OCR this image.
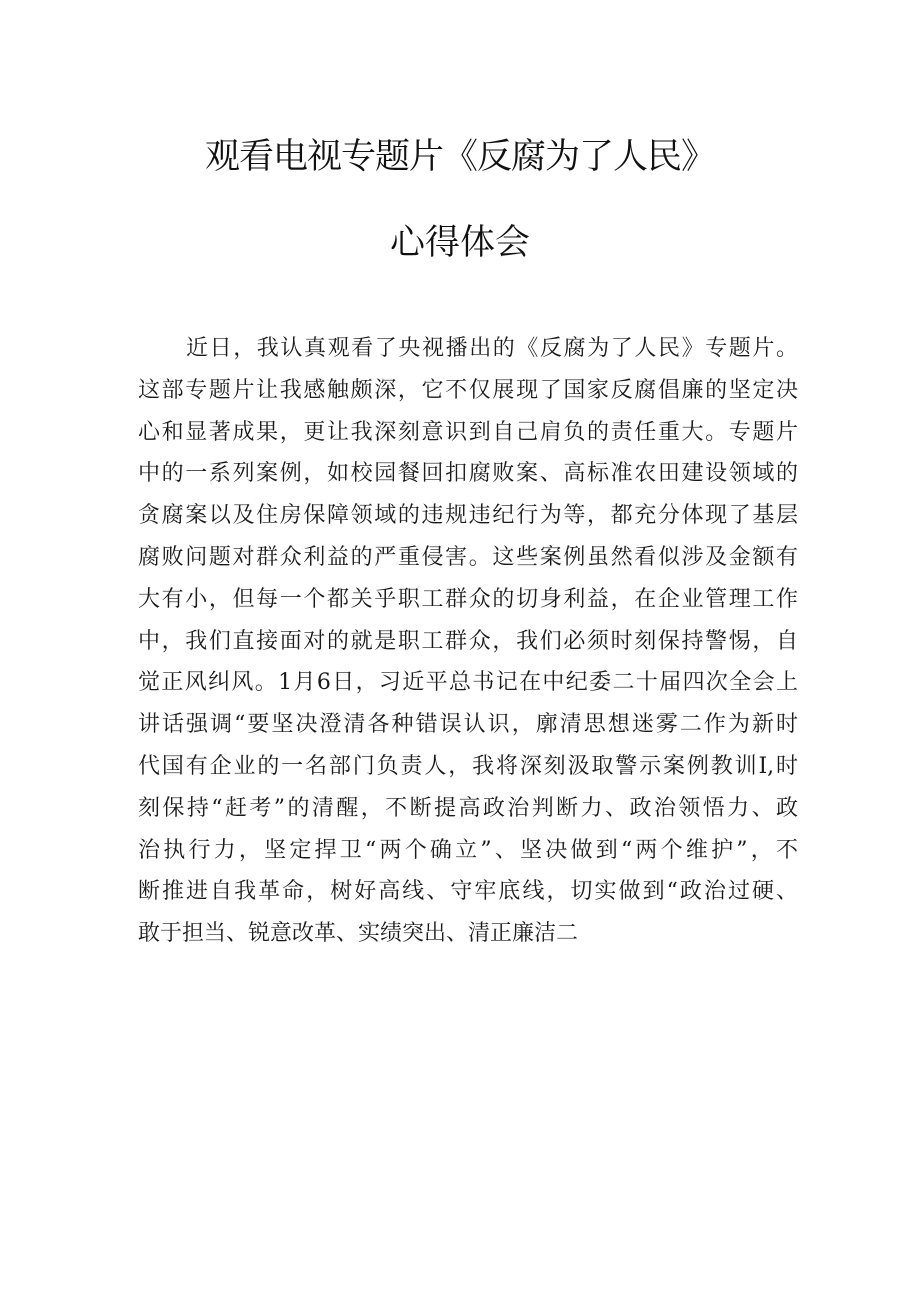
观看电视专题片《反腐为了人民》
心得体会
近日，我认真观看了央视播出的《反腐为了人民》专题片。
这部专题片让我感触颇深，它不仅展现了国家反腐倡廉的坚定决
心和显著成果，更让我深刻意识到自己肩负的责任重大。专题片
中的一系列案例，如校园餐回扣腐败案、高标准农田建设领域的
贪腐案以及住房保障领域的违规违纪行为等，都充分体现了基层
腐败问题对群众利益的严重侵害。这些案例虽然看似涉及金额有
大有小，但每一个都关乎职工群众的切身利益，在企业管理工作
中，我们直接面对的就是职工群众，我们必须时刻保持警惕，自
觉正风纠风。1月6日，习近平总书记在中纪委二十届四次全会上
讲话强调“要坚决澄清各种错误认识，廓清思想迷雾二作为新时
代国有企业的一名部门负责人，我将深刻汲取警示案例教训I,时
刻保持“赶考”的清醒，不断提高政治判断力、政治领悟力、政
治执行力，坚定捍卫“两个确立”、坚决做到“两个维护”，不
断推进自我革命，树好高线、守牢底线，切实做到“政治过硬、
敢于担当、锐意改革、实绩突出、清正廉洁二
